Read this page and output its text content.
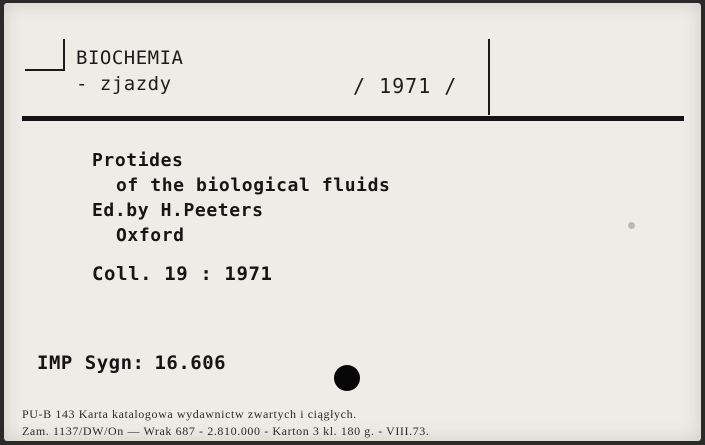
BIOCHEMIA
- zjazdy	/ 1971 /
Protides
of the biological fluids
Ed.by H.Peeters
Oxford
Coll. 19 : 1971
IMP Sygn: 16.606
PU-B 143 Karta katalogowa wydawnictw zwartych i ciągłych.
Zam. 1137/DW/On — Wrak 687 - 2.810.000 - Karton 3 kl. 180 g. - VIII.73.
